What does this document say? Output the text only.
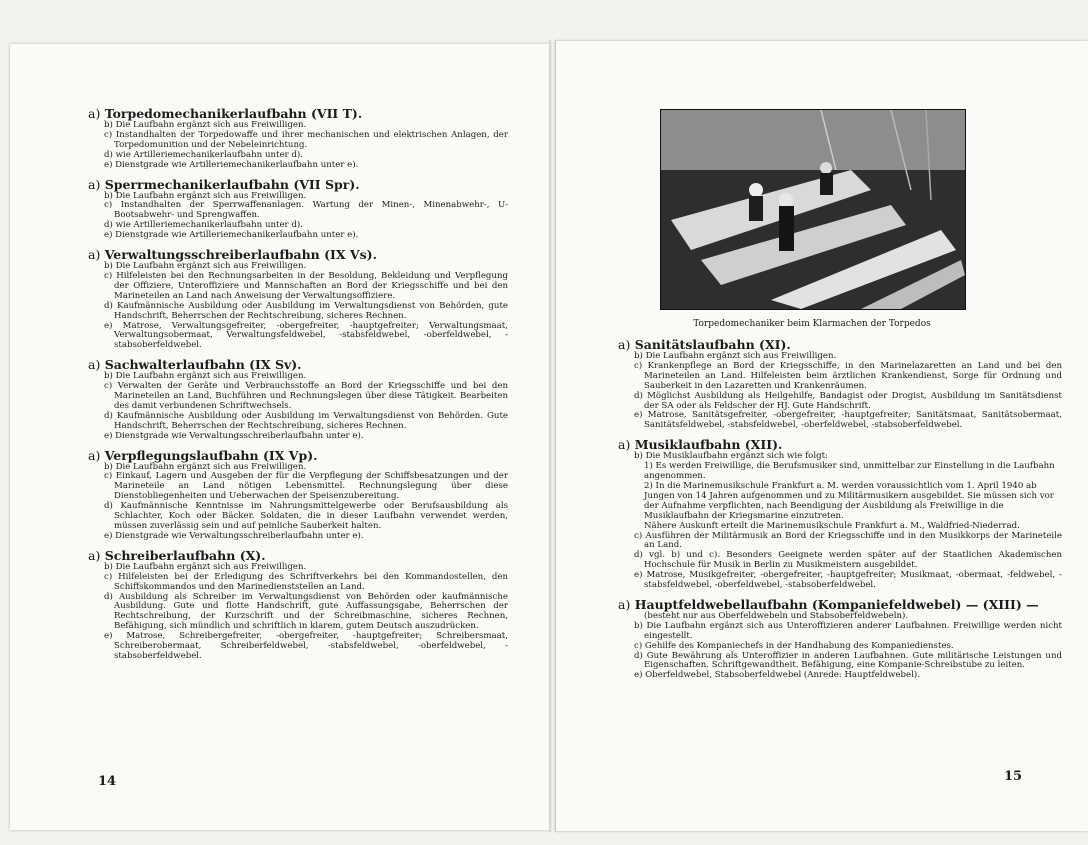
a) Torpedomechanikerlaufbahn (VII T).
b) Die Laufbahn ergänzt sich aus Freiwilligen.
c) Instandhalten der Torpedowaffe und ihrer mechanischen und elektrischen Anlagen, der Torpedomunition und der Nebeleinrichtung.
d) wie Artilleriemechanikerlaufbahn unter d).
e) Dienstgrade wie Artilleriemechanikerlaufbahn unter e).
a) Sperrmechanikerlaufbahn (VII Spr).
b) Die Laufbahn ergänzt sich aus Freiwilligen.
c) Instandhalten der Sperrwaffenanlagen. Wartung der Minen-, Minenabwehr-, U-Bootsabwehr- und Sprengwaffen.
d) wie Artilleriemechanikerlaufbahn unter d).
e) Dienstgrade wie Artilleriemechanikerlaufbahn unter e).
a) Verwaltungsschreiberlaufbahn (IX Vs).
b) Die Laufbahn ergänzt sich aus Freiwilligen.
c) Hilfeleisten bei den Rechnungsarbeiten in der Besoldung, Bekleidung und Verpflegung der Offiziere, Unteroffiziere und Mannschaften an Bord der Kriegsschiffe und bei den Marineteilen an Land nach Anweisung der Verwaltungsoffiziere.
d) Kaufmännische Ausbildung oder Ausbildung im Verwaltungsdienst von Behörden, gute Handschrift, Beherrschen der Rechtschreibung, sicheres Rechnen.
e) Matrose, Verwaltungsgefreiter, -obergefreiter, -hauptgefreiter; Verwaltungsmaat, Verwaltungsobermaat, Verwaltungsfeldwebel, -stabsfeldwebel, -oberfeldwebel, -stabsoberfeldwebel.
a) Sachwalterlaufbahn (IX Sv).
b) Die Laufbahn ergänzt sich aus Freiwilligen.
c) Verwalten der Geräte und Verbrauchsstoffe an Bord der Kriegsschiffe und bei den Marineteilen an Land, Buchführen und Rechnungslegen über diese Tätigkeit. Bearbeiten des damit verbundenen Schriftwechsels.
d) Kaufmännische Ausbildung oder Ausbildung im Verwaltungsdienst von Behörden. Gute Handschrift, Beherrschen der Rechtschreibung, sicheres Rechnen.
e) Dienstgrade wie Verwaltungsschreiberlaufbahn unter e).
a) Verpflegungslaufbahn (IX Vp).
b) Die Laufbahn ergänzt sich aus Freiwilligen.
c) Einkauf, Lagern und Ausgeben der für die Verpflegung der Schiffsbesatzungen und der Marineteile an Land nötigen Lebensmittel. Rechnungslegung über diese Dienstobliegenheiten und Ueberwachen der Speisenzubereitung.
d) Kaufmännische Kenntnisse im Nahrungsmittelgewerbe oder Berufsausbildung als Schlachter, Koch oder Bäcker. Soldaten, die in dieser Laufbahn verwendet werden, müssen zuverlässig sein und auf peinliche Sauberkeit halten.
e) Dienstgrade wie Verwaltungsschreiberlaufbahn unter e).
a) Schreiberlaufbahn (X).
b) Die Laufbahn ergänzt sich aus Freiwilligen.
c) Hilfeleisten bei der Erledigung des Schriftverkehrs bei den Kommandostellen, den Schiffskommandos und den Marinedienststellen an Land.
d) Ausbildung als Schreiber im Verwaltungsdienst von Behörden oder kaufmännische Ausbildung. Gute und flotte Handschrift, gute Auffassungsgabe, Beherrschen der Rechtschreibung, der Kurzschrift und der Schreibmaschine, sicheres Rechnen, Befähigung, sich mündlich und schriftlich in klarem, gutem Deutsch auszudrücken.
e) Matrose, Schreibergefreiter, -obergefreiter, -hauptgefreiter; Schreibersmaat, Schreiberobermaat, Schreiberfeldwebel, -stabsfeldwebel, -oberfeldwebel, -stabsoberfeldwebel.
14
Torpedomechaniker beim Klarmachen der Torpedos
a) Sanitätslaufbahn (XI).
b) Die Laufbahn ergänzt sich aus Freiwilligen.
c) Krankenpflege an Bord der Kriegsschiffe, in den Marinelazaretten an Land und bei den Marineteilen an Land. Hilfeleisten beim ärztlichen Krankendienst, Sorge für Ordnung und Sauberkeit in den Lazaretten und Krankenräumen.
d) Möglichst Ausbildung als Heilgehilfe, Bandagist oder Drogist, Ausbildung im Sanitätsdienst der SA oder als Feldscher der HJ. Gute Handschrift.
e) Matrose, Sanitätsgefreiter, -obergefreiter, -hauptgefreiter; Sanitätsmaat, Sanitätsobermaat, Sanitätsfeldwebel, -stabsfeldwebel, -oberfeldwebel, -stabsoberfeldwebel.
a) Musiklaufbahn (XII).
b) Die Musiklaufbahn ergänzt sich wie folgt:
1) Es werden Freiwillige, die Berufsmusiker sind, unmittelbar zur Einstellung in die Laufbahn angenommen.
2) In die Marinemusikschule Frankfurt a. M. werden voraussichtlich vom 1. April 1940 ab Jungen von 14 Jahren aufgenommen und zu Militärmusikern ausgebildet. Sie müssen sich vor der Aufnahme verpflichten, nach Beendigung der Ausbildung als Freiwillige in die Musiklaufbahn der Kriegsmarine einzutreten.
Nähere Auskunft erteilt die Marinemusikschule Frankfurt a. M., Waldfried-Niederrad.
c) Ausführen der Militärmusik an Bord der Kriegsschiffe und in den Musikkorps der Marineteile an Land.
d) vgl. b) und c). Besonders Geeignete werden später auf der Staatlichen Akademischen Hochschule für Musik in Berlin zu Musikmeistern ausgebildet.
e) Matrose, Musikgefreiter, -obergefreiter, -hauptgefreiter; Musikmaat, -obermaat, -feldwebel, -stabsfeldwebel, -oberfeldwebel, -stabsoberfeldwebel.
a) Hauptfeldwebellaufbahn (Kompaniefeldwebel) — (XIII) —
(besteht nur aus Oberfeldwebeln und Stabsoberfeldwebeln).
b) Die Laufbahn ergänzt sich aus Unteroffizieren anderer Laufbahnen. Freiwillige werden nicht eingestellt.
c) Gehilfe des Kompaniechefs in der Handhabung des Kompaniedienstes.
d) Gute Bewährung als Unteroffizier in anderen Laufbahnen. Gute militärische Leistungen und Eigenschaften. Schriftgewandtheit. Befähigung, eine Kompanie-Schreibstube zu leiten.
e) Oberfeldwebel, Stabsoberfeldwebel (Anrede: Hauptfeldwebel).
15
